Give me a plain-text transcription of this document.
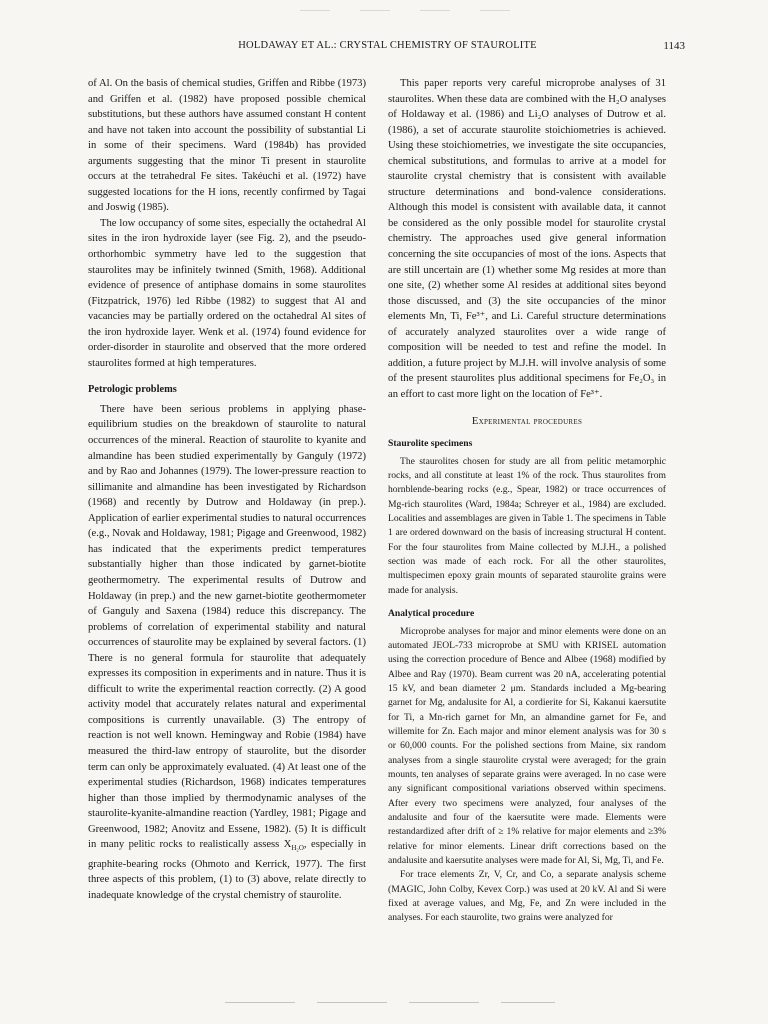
HOLDAWAY ET AL.: CRYSTAL CHEMISTRY OF STAUROLITE	1143

of Al. On the basis of chemical studies, Griffen and Ribbe (1973) and Griffen et al. (1982) have proposed possible chemical substitutions, but these authors have assumed constant H content and have not taken into account the possibility of substantial Li in some of their specimens. Ward (1984b) has provided arguments suggesting that the minor Ti present in staurolite occurs at the tetrahedral Fe sites. Takéuchi et al. (1972) have suggested locations for the H ions, recently confirmed by Tagai and Joswig (1985).

The low occupancy of some sites, especially the octahedral Al sites in the iron hydroxide layer (see Fig. 2), and the pseudo-orthorhombic symmetry have led to the suggestion that staurolites may be infinitely twinned (Smith, 1968). Additional evidence of presence of antiphase domains in some staurolites (Fitzpatrick, 1976) led Ribbe (1982) to suggest that Al and vacancies may be partially ordered on the octahedral Al sites of the iron hydroxide layer. Wenk et al. (1974) found evidence for order-disorder in staurolite and observed that the more ordered staurolites formed at high temperatures.

Petrologic problems

There have been serious problems in applying phase-equilibrium studies on the breakdown of staurolite to natural occurrences of the mineral. Reaction of staurolite to kyanite and almandine has been studied experimentally by Ganguly (1972) and by Rao and Johannes (1979). The lower-pressure reaction to sillimanite and almandine has been investigated by Richardson (1968) and recently by Dutrow and Holdaway (in prep.). Application of earlier experimental studies to natural occurrences (e.g., Novak and Holdaway, 1981; Pigage and Greenwood, 1982) has indicated that the experiments predict temperatures substantially higher than those indicated by garnet-biotite geothermometry. The experimental results of Dutrow and Holdaway (in prep.) and the new garnet-biotite geothermometer of Ganguly and Saxena (1984) reduce this discrepancy. The problems of correlation of experimental stability and natural occurrences of staurolite may be explained by several factors. (1) There is no general formula for staurolite that adequately expresses its composition in experiments and in nature. Thus it is difficult to write the experimental reaction correctly. (2) A good activity model that accurately relates natural and experimental compositions is currently unavailable. (3) The entropy of reaction is not well known. Hemingway and Robie (1984) have measured the third-law entropy of staurolite, but the disorder term can only be approximately evaluated. (4) At least one of the experimental studies (Richardson, 1968) indicates temperatures higher than those implied by thermodynamic analyses of the staurolite-kyanite-almandine reaction (Yardley, 1981; Pigage and Greenwood, 1982; Anovitz and Essene, 1982). (5) It is difficult in many pelitic rocks to realistically assess $X_{H_2O}$, especially in graphite-bearing rocks (Ohmoto and Kerrick, 1977). The first three aspects of this problem, (1) to (3) above, relate directly to inadequate knowledge of the crystal chemistry of staurolite.

This paper reports very careful microprobe analyses of 31 staurolites. When these data are combined with the H₂O analyses of Holdaway et al. (1986) and Li₂O analyses of Dutrow et al. (1986), a set of accurate staurolite stoichiometries is achieved. Using these stoichiometries, we investigate the site occupancies, chemical substitutions, and formulas to arrive at a model for staurolite crystal chemistry that is consistent with available structure determinations and bond-valence considerations. Although this model is consistent with available data, it cannot be considered as the only possible model for staurolite crystal chemistry. The approaches used give general information concerning the site occupancies of most of the ions. Aspects that are still uncertain are (1) whether some Mg resides at more than one site, (2) whether some Al resides at additional sites beyond those discussed, and (3) the site occupancies of the minor elements Mn, Ti, Fe³⁺, and Li. Careful structure determinations of accurately analyzed staurolites over a wide range of composition will be needed to test and refine the model. In addition, a future project by M.J.H. will involve analysis of some of the present staurolites plus additional specimens for Fe₂O₃ in an effort to cast more light on the location of Fe³⁺.

Experimental procedures
Staurolite specimens

The staurolites chosen for study are all from pelitic metamorphic rocks, and all constitute at least 1% of the rock. Thus staurolites from hornblende-bearing rocks (e.g., Spear, 1982) or trace occurrences of Mg-rich staurolites (Ward, 1984a; Schreyer et al., 1984) are excluded. Localities and assemblages are given in Table 1. The specimens in Table 1 are ordered downward on the basis of increasing structural H content. For the four staurolites from Maine collected by M.J.H., a polished section was made of each rock. For all the other staurolites, multispecimen epoxy grain mounts of separated staurolite grains were made for analysis.

Analytical procedure

Microprobe analyses for major and minor elements were done on an automated JEOL-733 microprobe at SMU with KRISEL automation using the correction procedure of Bence and Albee (1968) modified by Albee and Ray (1970). Beam current was 20 nA, accelerating potential 15 kV, and bean diameter 2 μm. Standards included a Mg-bearing garnet for Mg, andalusite for Al, a cordierite for Si, Kakanui kaersutite for Ti, a Mn-rich garnet for Mn, an almandine garnet for Fe, and willemite for Zn. Each major and minor element analysis was for 30 s or 60,000 counts. For the polished sections from Maine, six random analyses from a single staurolite crystal were averaged; for the grain mounts, ten analyses of separate grains were averaged. In no case were any significant compositional variations observed within specimens. After every two specimens were analyzed, four analyses of the andalusite and four of the kaersutite were made. Elements were restandardized after drift of ≥ 1% relative for major elements and ≥3% relative for minor elements. Linear drift corrections based on the andalusite and kaersutite analyses were made for Al, Si, Mg, Ti, and Fe.

For trace elements Zr, V, Cr, and Co, a separate analysis scheme (MAGIC, John Colby, Kevex Corp.) was used at 20 kV. Al and Si were fixed at average values, and Mg, Fe, and Zn were included in the analyses. For each staurolite, two grains were analyzed for
